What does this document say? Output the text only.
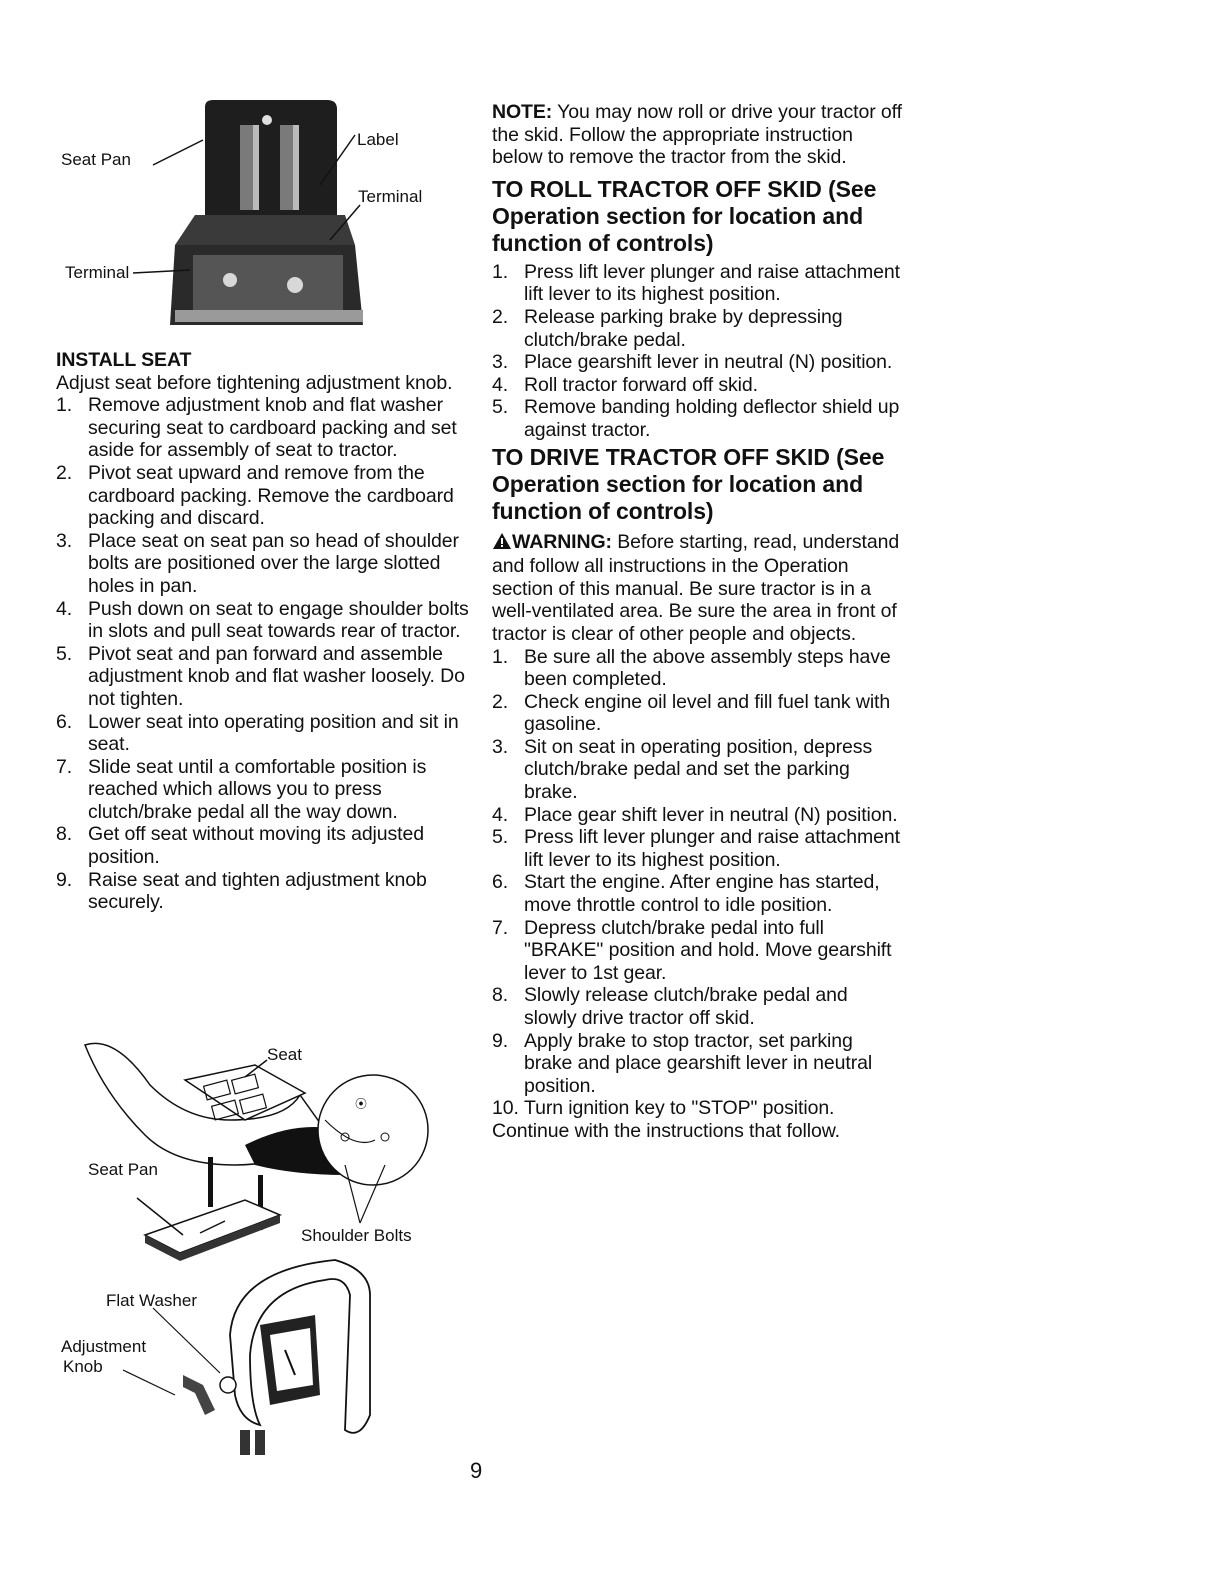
Seat Pan
Label
Terminal
Terminal
INSTALL SEAT
Adjust seat before tightening adjustment knob.
1. Remove adjustment knob and flat washer securing seat to cardboard packing and set aside for assembly of seat to tractor.
2. Pivot seat upward and remove from the cardboard packing. Remove the cardboard packing and discard.
3. Place seat on seat pan so head of shoulder bolts are positioned over the large slotted holes in pan.
4. Push down on seat to engage shoulder bolts in slots and pull seat towards rear of tractor.
5. Pivot seat and pan forward and assemble adjustment knob and flat washer loosely. Do not tighten.
6. Lower seat into operating position and sit in seat.
7. Slide seat until a comfortable position is reached which allows you to press clutch/brake pedal all the way down.
8. Get off seat without moving its adjusted position.
9. Raise seat and tighten adjustment knob securely.
⦿
Seat
Seat Pan
Shoulder Bolts
Flat Washer
Adjustment
Knob
NOTE: You may now roll or drive your tractor off the skid. Follow the appropriate instruction below to remove the tractor from the skid.
TO ROLL TRACTOR OFF SKID (See Operation section for location and function of controls)
1. Press lift lever plunger and raise attachment lift lever to its highest position.
2. Release parking brake by depressing clutch/brake pedal.
3. Place gearshift lever in neutral (N) position.
4. Roll tractor forward off skid.
5. Remove banding holding deflector shield up against tractor.
TO DRIVE TRACTOR OFF SKID (See Operation section for location and function of controls)
WARNING: Before starting, read, understand and follow all instructions in the Operation section of this manual. Be sure tractor is in a well-ventilated area. Be sure the area in front of tractor is clear of other people and objects.
1. Be sure all the above assembly steps have been completed.
2. Check engine oil level and fill fuel tank with gasoline.
3. Sit on seat in operating position, depress clutch/brake pedal and set the parking brake.
4. Place gear shift lever in neutral (N) position.
5. Press lift lever plunger and raise attachment lift lever to its highest position.
6. Start the engine. After engine has started, move throttle control to idle position.
7. Depress clutch/brake pedal into full "BRAKE" position and hold. Move gearshift lever to 1st gear.
8. Slowly release clutch/brake pedal and slowly drive tractor off skid.
9. Apply brake to stop tractor, set parking brake and place gearshift lever in neutral position.
10. Turn ignition key to "STOP" position.
Continue with the instructions that follow.
9
